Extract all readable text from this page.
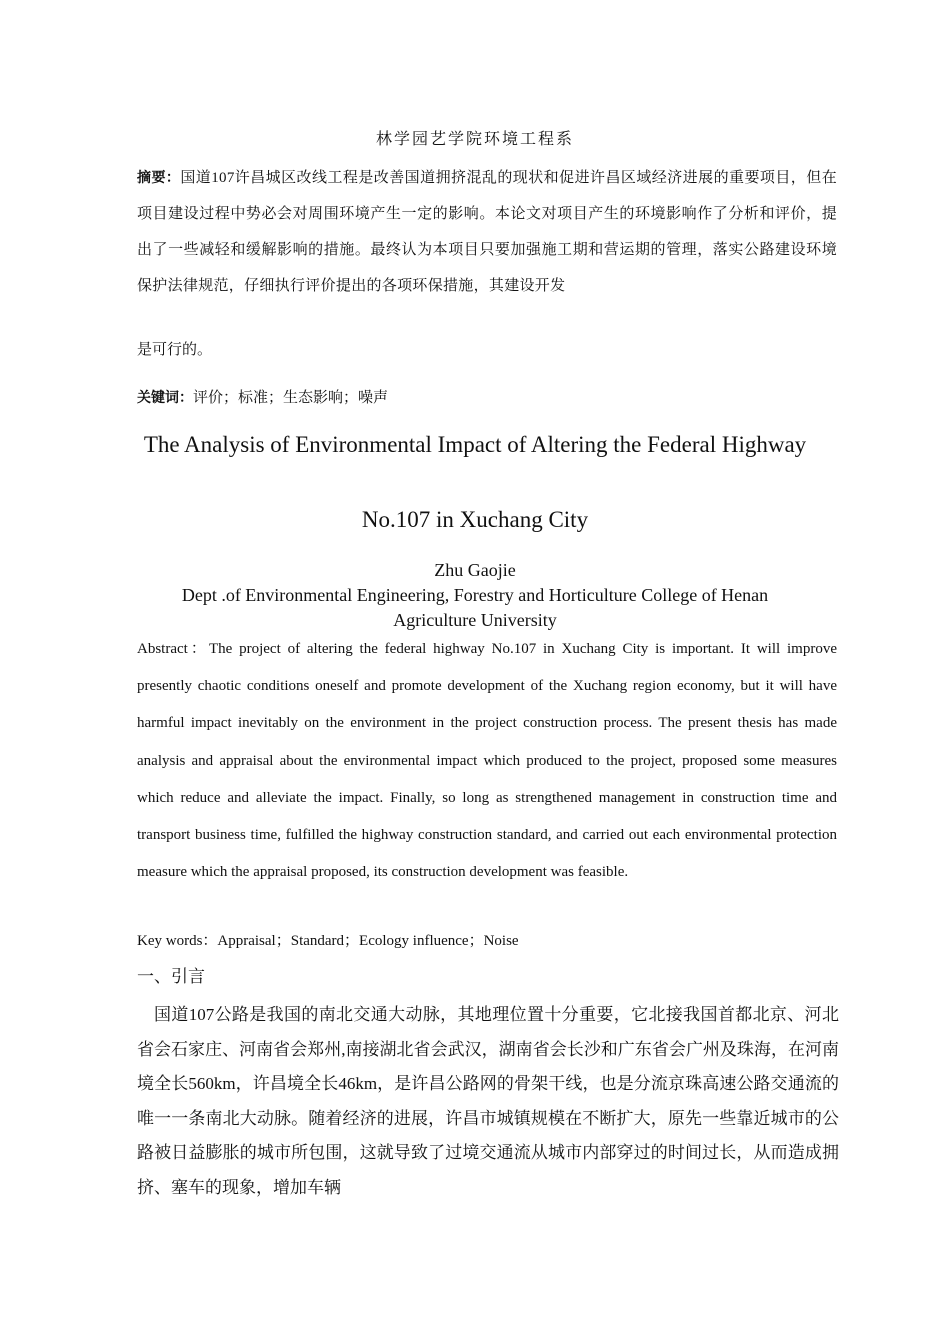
林学园艺学院环境工程系
摘要：国道107许昌城区改线工程是改善国道拥挤混乱的现状和促进许昌区域经济进展的重要项目，但在项目建设过程中势必会对周围环境产生一定的影响。本论文对项目产生的环境影响作了分析和评价，提出了一些减轻和缓解影响的措施。最终认为本项目只要加强施工期和营运期的管理，落实公路建设环境保护法律规范，仔细执行评价提出的各项环保措施，其建设开发
是可行的。
关键词：评价；标准；生态影响；噪声
The Analysis of Environmental Impact of Altering the Federal Highway
No.107 in Xuchang City
Zhu Gaojie
Dept .of Environmental Engineering, Forestry and Horticulture College of Henan
Agriculture University
Abstract：The project of altering the federal highway No.107 in Xuchang City is important. It will improve presently chaotic conditions oneself and promote development of the Xuchang region economy, but it will have harmful impact inevitably on the environment in the project construction process. The present thesis has made analysis and appraisal about the environmental impact which produced to the project, proposed some measures which reduce and alleviate the impact. Finally, so long as strengthened management in construction time and transport business time, fulfilled the highway construction standard, and carried out each environmental protection measure which the appraisal proposed, its construction development was feasible.
Key words：Appraisal；Standard；Ecology influence；Noise
一、引言
国道107公路是我国的南北交通大动脉，其地理位置十分重要，它北接我国首都北京、河北省会石家庄、河南省会郑州,南接湖北省会武汉，湖南省会长沙和广东省会广州及珠海，在河南境全长560km，许昌境全长46km，是许昌公路网的骨架干线，也是分流京珠高速公路交通流的唯一一条南北大动脉。随着经济的进展，许昌市城镇规模在不断扩大，原先一些靠近城市的公路被日益膨胀的城市所包围，这就导致了过境交通流从城市内部穿过的时间过长，从而造成拥挤、塞车的现象，增加车辆
